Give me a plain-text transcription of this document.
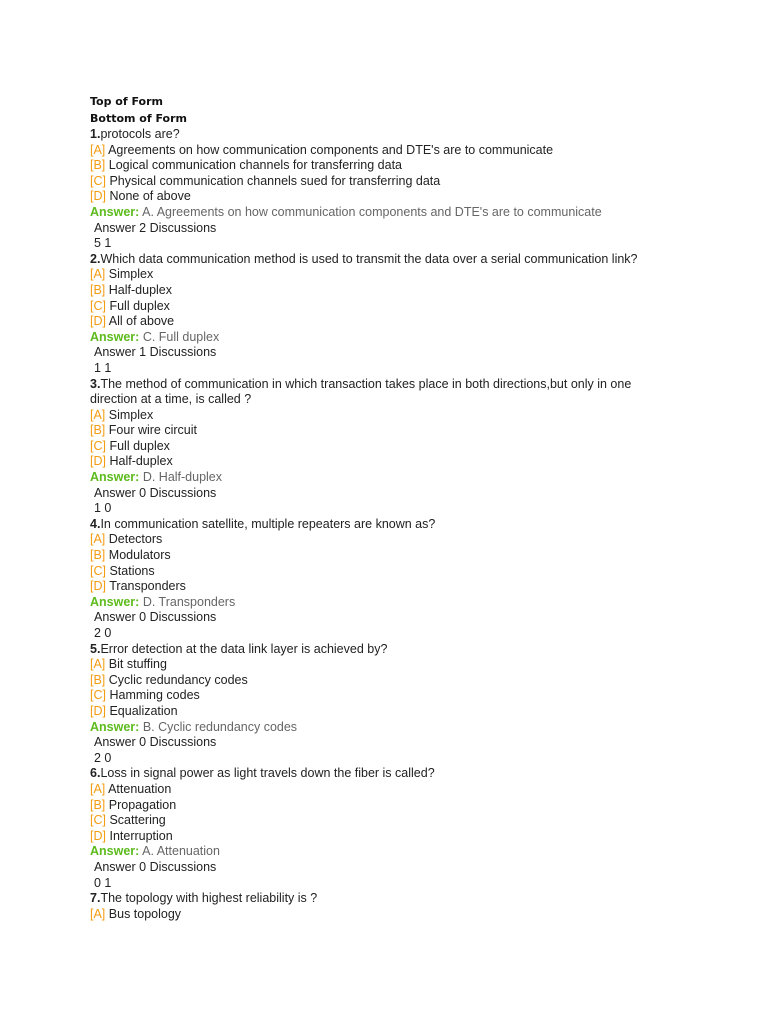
Top of Form
Bottom of Form
1.protocols are?
[A] Agreements on how communication components and DTE's are to communicate
[B] Logical communication channels for transferring data
[C] Physical communication channels sued for transferring data
[D] None of above
Answer: A. Agreements on how communication components and DTE's are to communicate
Answer 2 Discussions
5 1
2.Which data communication method is used to transmit the data over a serial communication link?
[A] Simplex
[B] Half-duplex
[C] Full duplex
[D] All of above
Answer: C. Full duplex
Answer 1 Discussions
1 1
3.The method of communication in which transaction takes place in both directions,but only in one direction at a time, is called ?
[A] Simplex
[B] Four wire circuit
[C] Full duplex
[D] Half-duplex
Answer: D. Half-duplex
Answer 0 Discussions
1 0
4.In communication satellite, multiple repeaters are known as?
[A] Detectors
[B] Modulators
[C] Stations
[D] Transponders
Answer: D. Transponders
Answer 0 Discussions
2 0
5.Error detection at the data link layer is achieved by?
[A] Bit stuffing
[B] Cyclic redundancy codes
[C] Hamming codes
[D] Equalization
Answer: B. Cyclic redundancy codes
Answer 0 Discussions
2 0
6.Loss in signal power as light travels down the fiber is called?
[A] Attenuation
[B] Propagation
[C] Scattering
[D] Interruption
Answer: A. Attenuation
Answer 0 Discussions
0 1
7.The topology with highest reliability is ?
[A] Bus topology
